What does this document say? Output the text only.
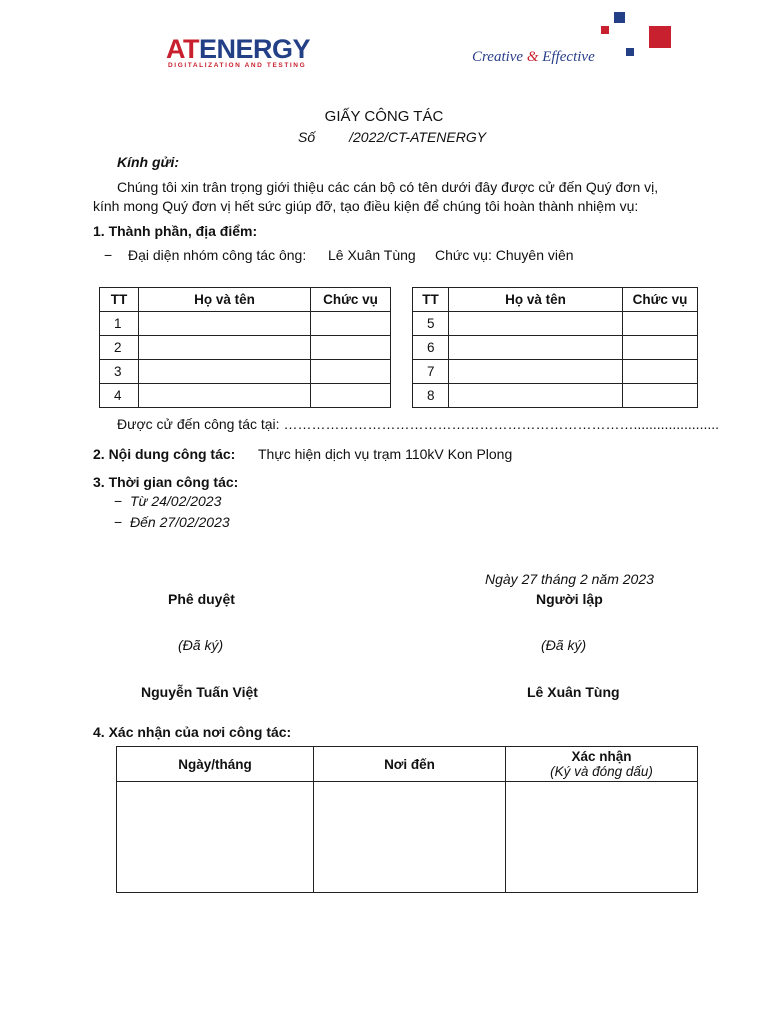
ATENERGY
DIGITALIZATION AND TESTING
Creative & Effective
GIẤY CÔNG TÁC
Số /2022/CT-ATENERGY
Kính gửi:
Chúng tôi xin trân trọng giới thiệu các cán bộ có tên dưới đây được cử đến Quý đơn vị,
kính mong Quý đơn vị hết sức giúp đỡ, tạo điều kiện để chúng tôi hoàn thành nhiệm vụ:
1. Thành phần, địa điểm:
− Đại diện nhóm công tác ông: Lê Xuân Tùng Chức vụ: Chuyên viên
TT	Họ và tên	Chức vụ
1		
2		
3		
4		
TT	Họ và tên	Chức vụ
5		
6		
7		
8		
Được cử đến công tác tại: …………………………………………………………………......................
2. Nội dung công tác: Thực hiện dịch vụ trạm 110kV Kon Plong
3. Thời gian công tác:
− Từ 24/02/2023
− Đến 27/02/2023
Ngày 27 tháng 2 năm 2023
Phê duyệt	Người lập
(Đã ký)	(Đã ký)
Nguyễn Tuấn Việt	Lê Xuân Tùng
4. Xác nhận của nơi công tác:
Ngày/tháng	Nơi đến	Xác nhận
(Ký và đóng dấu)
